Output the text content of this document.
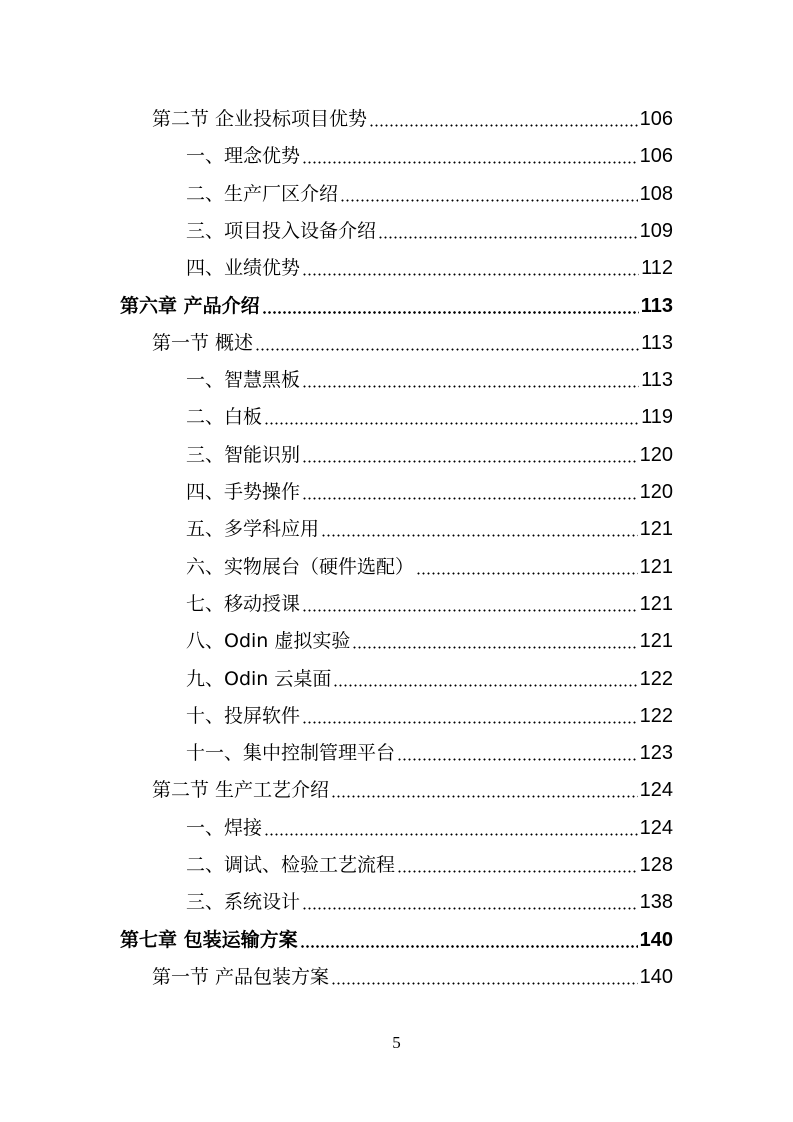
第二节 企业投标项目优势	106
一、理念优势	106
二、生产厂区介绍	108
三、项目投入设备介绍	109
四、业绩优势	112
第六章 产品介绍	113
第一节 概述	113
一、智慧黑板	113
二、白板	119
三、智能识别	120
四、手势操作	120
五、多学科应用	121
六、实物展台（硬件选配）	121
七、移动授课	121
八、Odin 虚拟实验	121
九、Odin 云桌面	122
十、投屏软件	122
十一、集中控制管理平台	123
第二节 生产工艺介绍	124
一、焊接	124
二、调试、检验工艺流程	128
三、系统设计	138
第七章 包装运输方案	140
第一节 产品包装方案	140
5
